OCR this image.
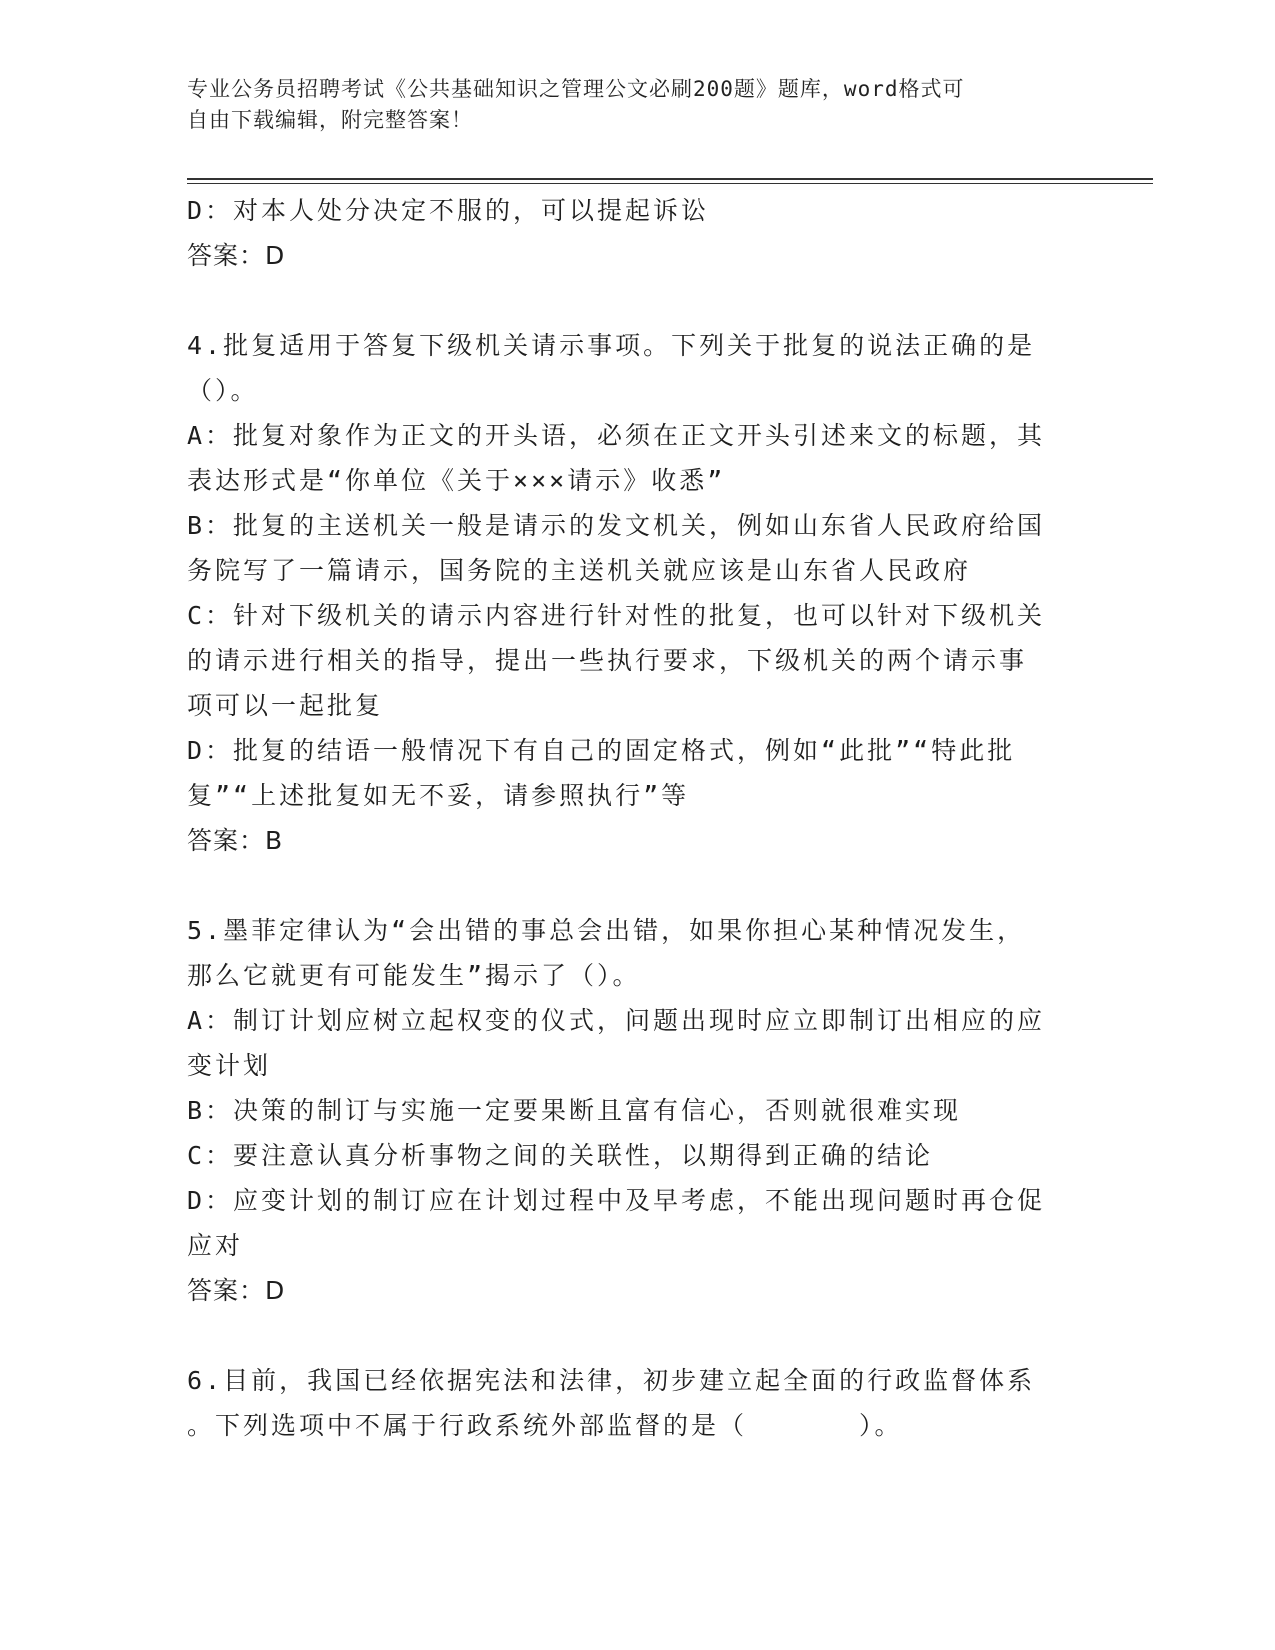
专业公务员招聘考试《公共基础知识之管理公文必刷200题》题库，word格式可
自由下载编辑，附完整答案！
D：对本人处分决定不服的，可以提起诉讼
答案：D
4.批复适用于答复下级机关请示事项。下列关于批复的说法正确的是
（）。
A：批复对象作为正文的开头语，必须在正文开头引述来文的标题，其
表达形式是“你单位《关于×××请示》收悉”
B：批复的主送机关一般是请示的发文机关，例如山东省人民政府给国
务院写了一篇请示，国务院的主送机关就应该是山东省人民政府
C：针对下级机关的请示内容进行针对性的批复，也可以针对下级机关
的请示进行相关的指导，提出一些执行要求，下级机关的两个请示事
项可以一起批复
D：批复的结语一般情况下有自己的固定格式，例如“此批”“特此批
复”“上述批复如无不妥，请参照执行”等
答案：B
5.墨菲定律认为“会出错的事总会出错，如果你担心某种情况发生，
那么它就更有可能发生”揭示了（）。
A：制订计划应树立起权变的仪式，问题出现时应立即制订出相应的应
变计划
B：决策的制订与实施一定要果断且富有信心，否则就很难实现
C：要注意认真分析事物之间的关联性，以期得到正确的结论
D：应变计划的制订应在计划过程中及早考虑，不能出现问题时再仓促
应对
答案：D
6.目前，我国已经依据宪法和法律，初步建立起全面的行政监督体系
。下列选项中不属于行政系统外部监督的是（　　　　）。
